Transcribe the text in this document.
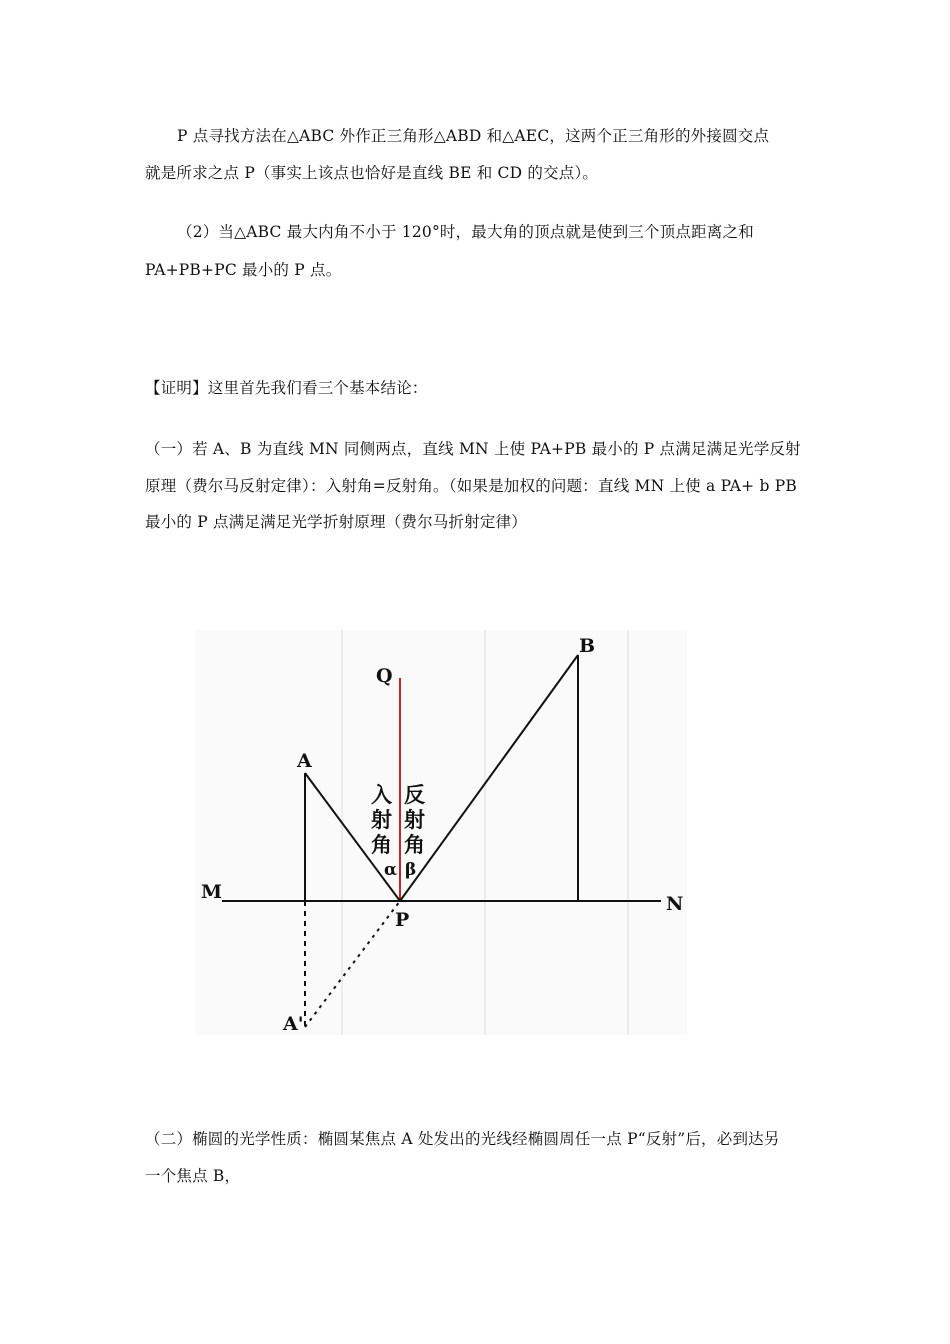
P 点寻找方法在△ABC 外作正三角形△ABD 和△AEC，这两个正三角形的外接圆交点
就是所求之点 P（事实上该点也恰好是直线 BE 和 CD 的交点）。
（2）当△ABC 最大内角不小于 120°时，最大角的顶点就是使到三个顶点距离之和
PA+PB+PC 最小的 P 点。
【证明】这里首先我们看三个基本结论：
（一）若 A、B 为直线 MN 同侧两点，直线 MN 上使 PA+PB 最小的 P 点满足满足光学反射
原理（费尔马反射定律）：入射角=反射角。（如果是加权的问题：直线 MN 上使 a PA+ b PB
最小的 P 点满足满足光学折射原理（费尔马折射定律）
B
Q
A
M
N
P
A'
入
射
角
α
反
射
角
β
（二）椭圆的光学性质：椭圆某焦点 A 处发出的光线经椭圆周任一点 P“反射”后，必到达另
一个焦点 B，
